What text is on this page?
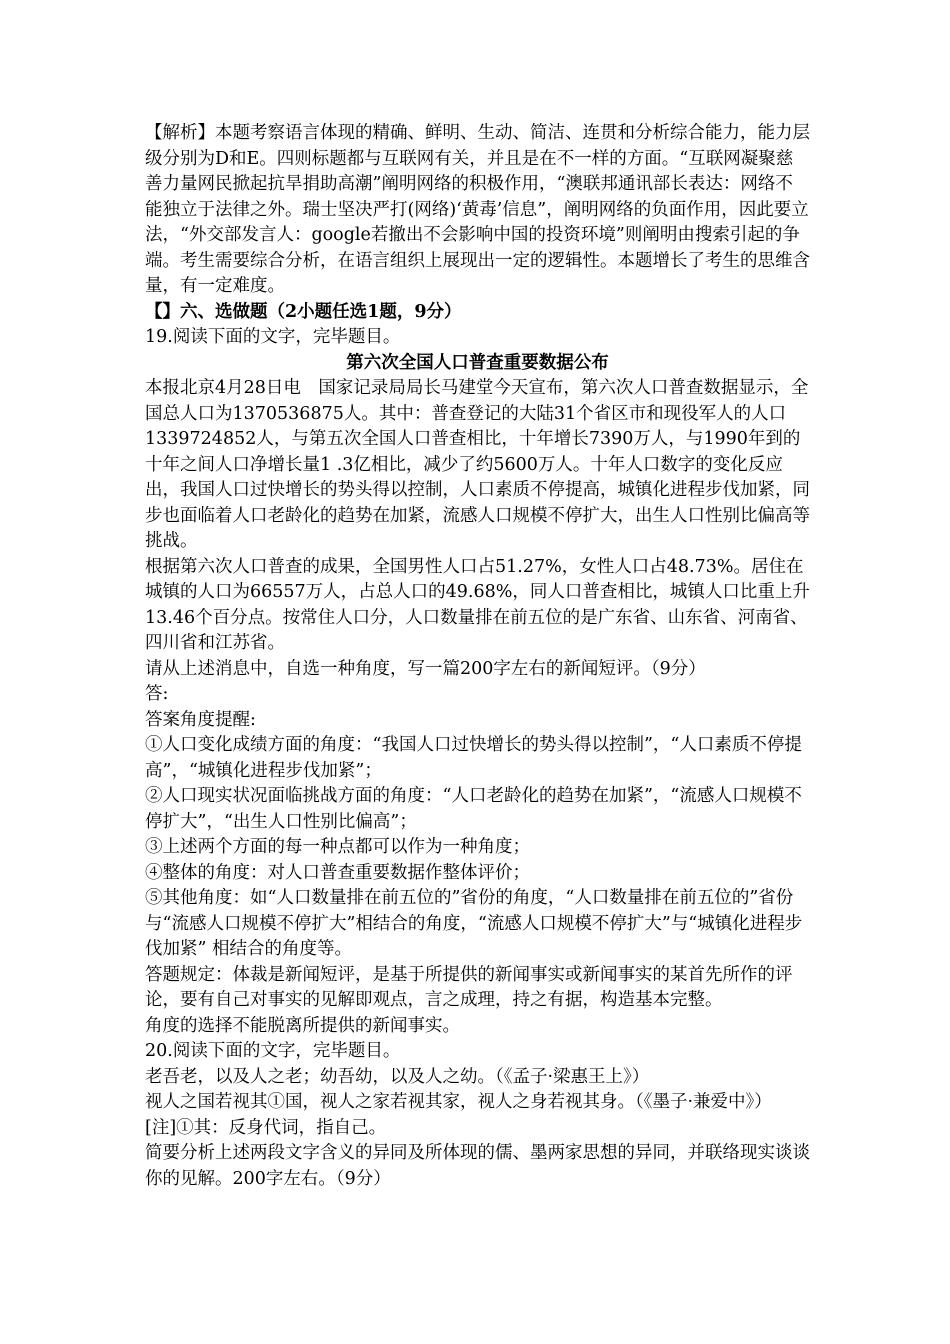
【解析】本题考察语言体现的精确、鲜明、生动、简洁、连贯和分析综合能力，能力层级分别为D和E。四则标题都与互联网有关，并且是在不一样的方面。“互联网凝聚慈善力量网民掀起抗旱捐助高潮”阐明网络的积极作用，“澳联邦通讯部长表达：网络不能独立于法律之外。瑞士坚决严打(网络)‘黄毒’信息”，阐明网络的负面作用，因此要立法，“外交部发言人：google若撤出不会影响中国的投资环境”则阐明由搜索引起的争端。考生需要综合分析，在语言组织上展现出一定的逻辑性。本题增长了考生的思维含量，有一定难度。

【】六、选做题（2小题任选1题，9分）

19.阅读下面的文字，完毕题目。

第六次全国人口普查重要数据公布

本报北京4月28日电　国家记录局局长马建堂今天宣布，第六次人口普查数据显示，全国总人口为1370536875人。其中：普查登记的大陆31个省区市和现役军人的人口1339724852人，与第五次全国人口普查相比，十年增长7390万人，与1990年到的十年之间人口净增长量1 .3亿相比，减少了约5600万人。十年人口数字的变化反应出，我国人口过快增长的势头得以控制，人口素质不停提高，城镇化进程步伐加紧，同步也面临着人口老龄化的趋势在加紧，流感人口规模不停扩大，出生人口性别比偏高等挑战。

根据第六次人口普查的成果，全国男性人口占51.27%，女性人口占48.73%。居住在城镇的人口为66557万人，占总人口的49.68%，同人口普查相比，城镇人口比重上升13.46个百分点。按常住人口分，人口数量排在前五位的是广东省、山东省、河南省、四川省和江苏省。

请从上述消息中，自选一种角度，写一篇200字左右的新闻短评。（9分）

答:

答案角度提醒:

①人口变化成绩方面的角度：“我国人口过快增长的势头得以控制”，“人口素质不停提高”，“城镇化进程步伐加紧”；

②人口现实状况面临挑战方面的角度：“人口老龄化的趋势在加紧”，“流感人口规模不停扩大”，“出生人口性别比偏高”；

③上述两个方面的每一种点都可以作为一种角度；

④整体的角度：对人口普查重要数据作整体评价；

⑤其他角度：如“人口数量排在前五位的”省份的角度，“人口数量排在前五位的”省份与“流感人口规模不停扩大”相结合的角度，“流感人口规模不停扩大”与“城镇化进程步伐加紧” 相结合的角度等。

答题规定：体裁是新闻短评，是基于所提供的新闻事实或新闻事实的某首先所作的评论，要有自己对事实的见解即观点，言之成理，持之有据，构造基本完整。

角度的选择不能脱离所提供的新闻事实。

20.阅读下面的文字，完毕题目。

老吾老，以及人之老；幼吾幼，以及人之幼。（《孟子·梁惠王上》）

视人之国若视其①国，视人之家若视其家，视人之身若视其身。（《墨子·兼爱中》）

[注]①其：反身代词，指自己。

简要分析上述两段文字含义的异同及所体现的儒、墨两家思想的异同，并联络现实谈谈你的见解。200字左右。（9分）
